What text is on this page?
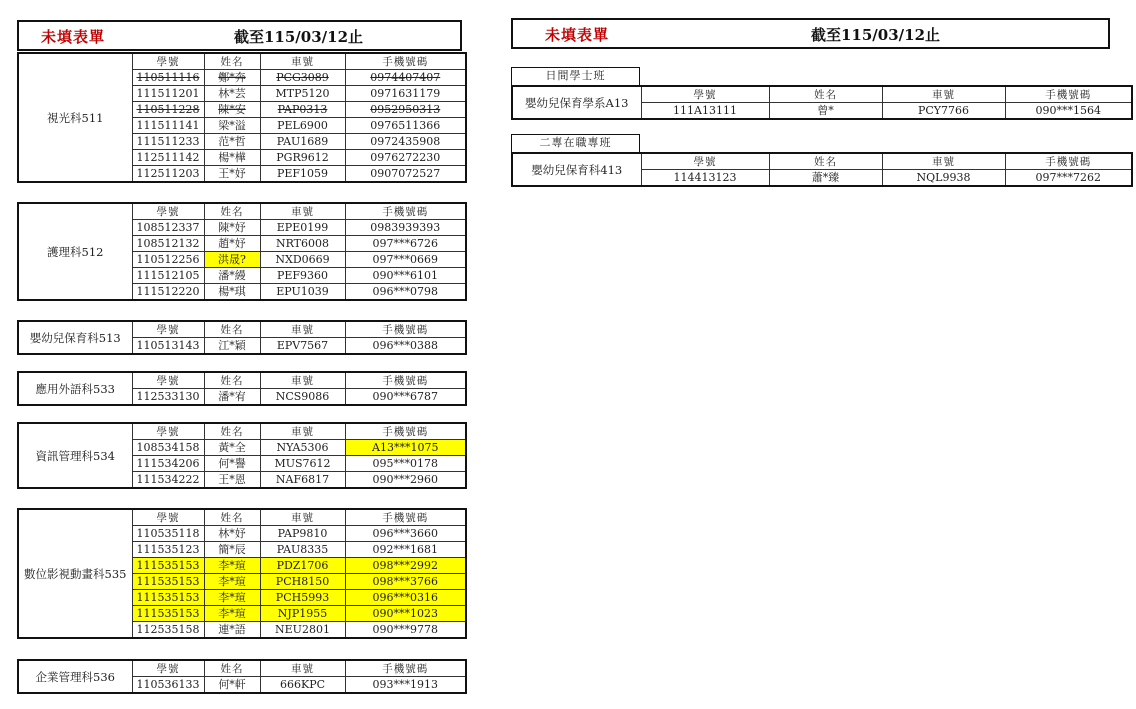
未填表單	截至115/03/12止	未填表單	截至115/03/12止
視光科511	學號	姓名	車號	手機號碼
	110511116	鄭*奔	PCG3089	0974407407
	111511201	林*芸	MTP5120	0971631179
	110511228	陳*安	PAP0313	0952950313
	111511141	梁*溢	PEL6900	0976511366
	111511233	范*哲	PAU1689	0972435908
	112511142	楊*樺	PGR9612	0976272230
	112511203	王*妤	PEF1059	0907072527
護理科512	學號	姓名	車號	手機號碼
	108512337	陳*妤	EPE0199	0983939393
	108512132	趙*妤	NRT6008	097***6726
	110512256	洪晟?	NXD0669	097***0669
	111512105	潘*縵	PEF9360	090***6101
	111512220	楊*琪	EPU1039	096***0798
嬰幼兒保育科513	學號	姓名	車號	手機號碼
	110513143	江*穎	EPV7567	096***0388
應用外語科533	學號	姓名	車號	手機號碼
	112533130	潘*宥	NCS9086	090***6787
資訊管理科534	學號	姓名	車號	手機號碼
	108534158	黃*全	NYA5306	A13***1075
	111534206	何*譽	MUS7612	095***0178
	111534222	王*恩	NAF6817	090***2960
數位影視動畫科535	學號	姓名	車號	手機號碼
	110535118	林*妤	PAP9810	096***3660
	111535123	簡*辰	PAU8335	092***1681
	111535153	李*瑄	PDZ1706	098***2992
	111535153	李*瑄	PCH8150	098***3766
	111535153	李*瑄	PCH5993	096***0316
	111535153	李*瑄	NJP1955	090***1023
	112535158	連*語	NEU2801	090***9778
企業管理科536	學號	姓名	車號	手機號碼
	110536133	何*軒	666KPC	093***1913
日間學士班
嬰幼兒保育學系A13	學號	姓名	車號	手機號碼
	111A13111	曾*	PCY7766	090***1564
二專在職專班
嬰幼兒保育科413	學號	姓名	車號	手機號碼
	114413123	蕭*臻	NQL9938	097***7262
